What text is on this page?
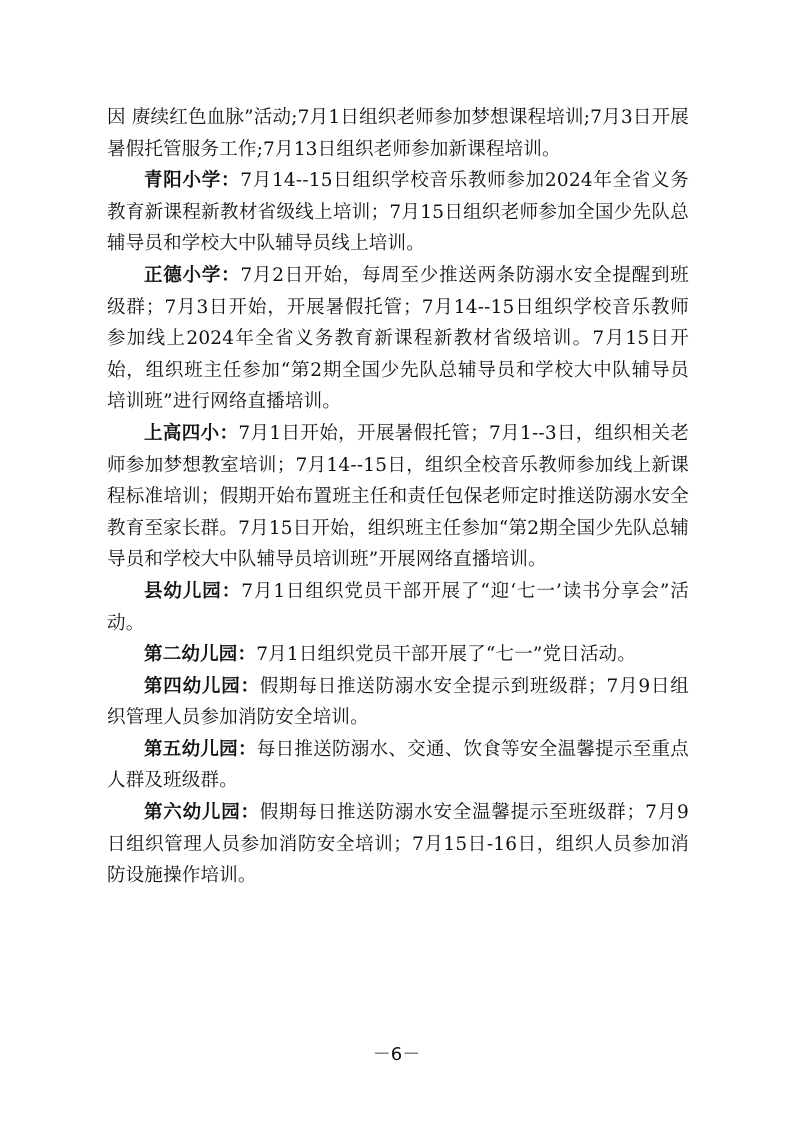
因 赓续红色血脉”活动;7月1日组织老师参加梦想课程培训;7月3日开展暑假托管服务工作;7月13日组织老师参加新课程培训。

青阳小学：7月14--15日组织学校音乐教师参加2024年全省义务教育新课程新教材省级线上培训；7月15日组织老师参加全国少先队总辅导员和学校大中队辅导员线上培训。

正德小学：7月2日开始，每周至少推送两条防溺水安全提醒到班级群；7月3日开始，开展暑假托管；7月14--15日组织学校音乐教师参加线上2024年全省义务教育新课程新教材省级培训。7月15日开始，组织班主任参加“第2期全国少先队总辅导员和学校大中队辅导员培训班”进行网络直播培训。

上高四小：7月1日开始，开展暑假托管；7月1--3日，组织相关老师参加梦想教室培训；7月14--15日，组织全校音乐教师参加线上新课程标准培训；假期开始布置班主任和责任包保老师定时推送防溺水安全教育至家长群。7月15日开始，组织班主任参加“第2期全国少先队总辅导员和学校大中队辅导员培训班”开展网络直播培训。

县幼儿园：7月1日组织党员干部开展了“迎‘七一’读书分享会”活动。

第二幼儿园：7月1日组织党员干部开展了“七一”党日活动。

第四幼儿园：假期每日推送防溺水安全提示到班级群；7月9日组织管理人员参加消防安全培训。

第五幼儿园：每日推送防溺水、交通、饮食等安全温馨提示至重点人群及班级群。

第六幼儿园：假期每日推送防溺水安全温馨提示至班级群；7月9日组织管理人员参加消防安全培训；7月15日-16日，组织人员参加消防设施操作培训。

－6－
